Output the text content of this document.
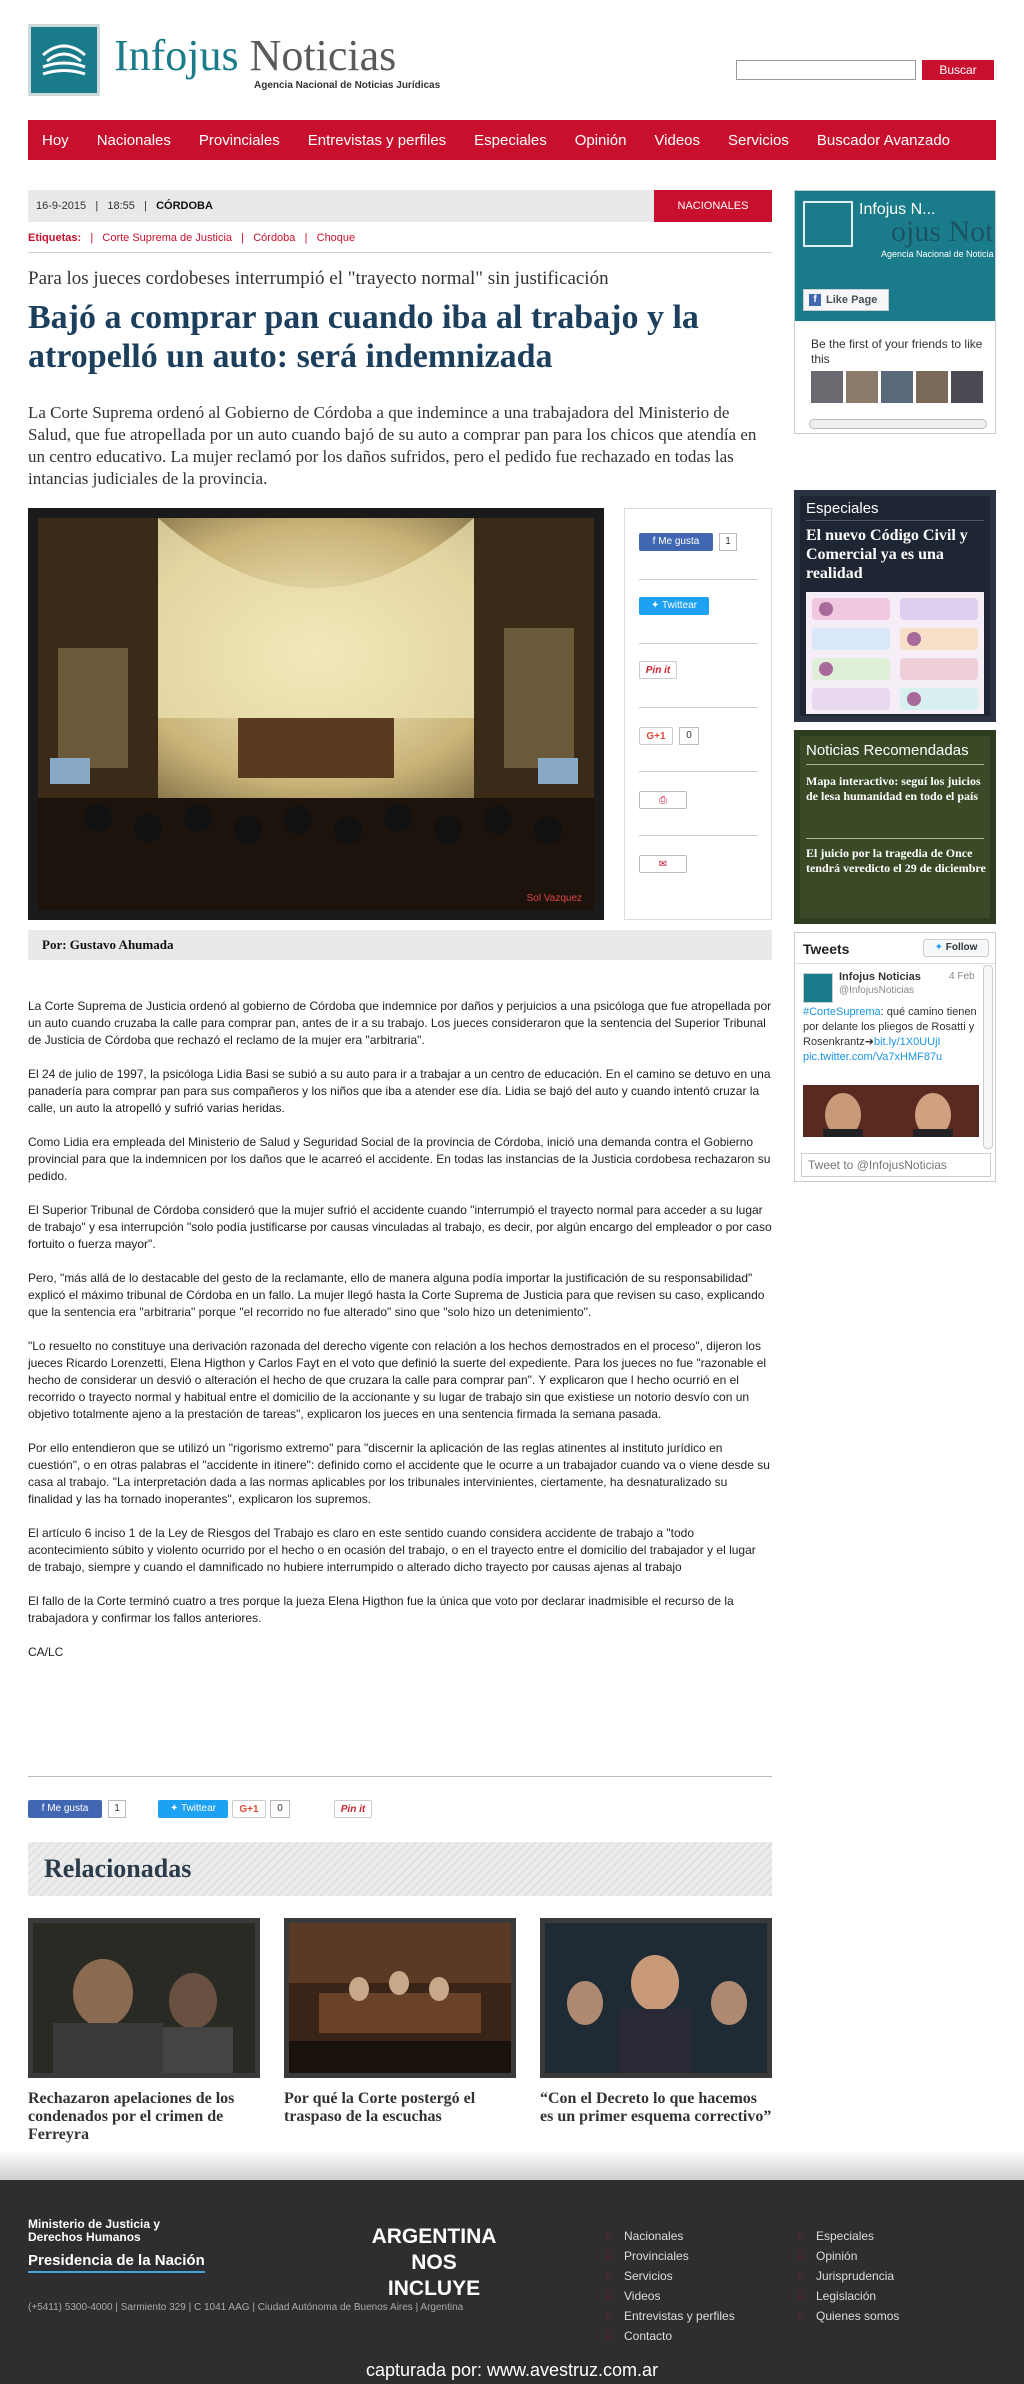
Infojus Noticias
Agencia Nacional de Noticias Jurídicas
Buscar
Hoy Nacionales Provinciales Entrevistas y perfiles Especiales Opinión Videos Servicios Buscador Avanzado
16-9-2015   |   18:55   |   CÓRDOBA	NACIONALES
Etiquetas:   |   Corte Suprema de Justicia   |   Córdoba   |   Choque
Para los jueces cordobeses interrumpió el "trayecto normal" sin justificación
Bajó a comprar pan cuando iba al trabajo y la atropelló un auto: será indemnizada
La Corte Suprema ordenó al Gobierno de Córdoba a que indemince a una trabajadora del Ministerio de Salud, que fue atropellada por un auto cuando bajó de su auto a comprar pan para los chicos que atendía en un centro educativo. La mujer reclamó por los daños sufridos, pero el pedido fue rechazado en todas las intancias judiciales de la provincia.
Sol Vazquez
f Me gusta	1
✦ Twittear
Pin it
G+1	0
⎙
✉
Por: Gustavo Ahumada

La Corte Suprema de Justicia ordenó al gobierno de Córdoba que indemnice por daños y perjuicios a una psicóloga que fue atropellada por un auto cuando cruzaba la calle para comprar pan, antes de ir a su trabajo. Los jueces consideraron que la sentencia del Superior Tribunal de Justicia de Córdoba que rechazó el reclamo de la mujer era "arbitraria".

El 24 de julio de 1997, la psicóloga Lidia Basi se subió a su auto para ir a trabajar a un centro de educación. En el camino se detuvo en una panadería para comprar pan para sus compañeros y los niños que iba a atender ese día. Lidia se bajó del auto y cuando intentó cruzar la calle, un auto la atropelló y sufrió varias heridas.

Como Lidia era empleada del Ministerio de Salud y Seguridad Social de la provincia de Córdoba, inició una demanda contra el Gobierno provincial para que la indemnicen por los daños que le acarreó el accidente. En todas las instancias de la Justicia cordobesa rechazaron su pedido.

El Superior Tribunal de Córdoba consideró que la mujer sufrió el accidente cuando "interrumpió el trayecto normal para acceder a su lugar de trabajo" y esa interrupción "solo podía justificarse por causas vinculadas al trabajo, es decir, por algún encargo del empleador o por caso fortuito o fuerza mayor".

Pero, "más allá de lo destacable del gesto de la reclamante, ello de manera alguna podía importar la justificación de su responsabilidad" explicó el máximo tribunal de Córdoba en un fallo. La mujer llegó hasta la Corte Suprema de Justicia para que revisen su caso, explicando que la sentencia era "arbitraria" porque "el recorrido no fue alterado" sino que "solo hizo un detenimiento".

"Lo resuelto no constituye una derivación razonada del derecho vigente con relación a los hechos demostrados en el proceso", dijeron los jueces Ricardo Lorenzetti, Elena Higthon y Carlos Fayt en el voto que definió la suerte del expediente. Para los jueces no fue "razonable el hecho de considerar un desvió o alteración el hecho de que cruzara la calle para comprar pan". Y explicaron que l hecho ocurrió en el recorrido o trayecto normal y habitual entre el domicilio de la accionante y su lugar de trabajo sin que existiese un notorio desvío con un objetivo totalmente ajeno a la prestación de tareas", explicaron los jueces en una sentencia firmada la semana pasada.

Por ello entendieron que se utilizó un "rigorismo extremo" para "discernir la aplicación de las reglas atinentes al instituto jurídico en cuestión", o en otras palabras el "accidente in itinere": definido como el accidente que le ocurre a un trabajador cuando va o viene desde su casa al trabajo. "La interpretación dada a las normas aplicables por los tribunales intervinientes, ciertamente, ha desnaturalizado su finalidad y las ha tornado inoperantes", explicaron los supremos.

El artículo 6 inciso 1 de la Ley de Riesgos del Trabajo es claro en este sentido cuando considera accidente de trabajo a "todo acontecimiento súbito y violento ocurrido por el hecho o en ocasión del trabajo, o en el trayecto entre el domicilio del trabajador y el lugar de trabajo, siempre y cuando el damnificado no hubiere interrumpido o alterado dicho trayecto por causas ajenas al trabajo

El fallo de la Corte terminó cuatro a tres porque la jueza Elena Higthon fue la única que voto por declarar inadmisible el recurso de la trabajadora y confirmar los fallos anteriores.

CA/LC

f Me gusta	1	✦ Twittear	G+1	0	Pin it
Relacionadas
Rechazaron apelaciones de los condenados por el crimen de Ferreyra
Por qué la Corte postergó el traspaso de la escuchas
“Con el Decreto lo que hacemos es un primer esquema correctivo”
Infojus N...
ojus Not
Agencia Nacional de Noticia
f Like Page
Be the first of your friends to like this
Especiales
El nuevo Código Civil y Comercial ya es una realidad
Noticias Recomendadas
Mapa interactivo: seguí los juicios de lesa humanidad en todo el país
El juicio por la tragedia de Once tendrá veredicto el 29 de diciembre
Tweets	✦ Follow
Infojus Noticias
@InfojusNoticias
4 Feb
#CorteSuprema: qué camino tienen por delante los pliegos de Rosatti y Rosenkrantz➜bit.ly/1X0UUjI pic.twitter.com/Va7xHMF87u
Tweet to @InfojusNoticias
Ministerio de Justicia y Derechos Humanos
Presidencia de la Nación
ARGENTINA
NOS INCLUYE
(+5411) 5300-4000 | Sarmiento 329 | C 1041 AAG | Ciudad Autónoma de Buenos Aires | Argentina
:: Nacionales
:: Provinciales
:: Servicios
:: Videos
:: Entrevistas y perfiles
:: Contacto
:: Especiales
:: Opinión
:: Jurisprudencia
:: Legislación
:: Quienes somos
capturada por: www.avestruz.com.ar
